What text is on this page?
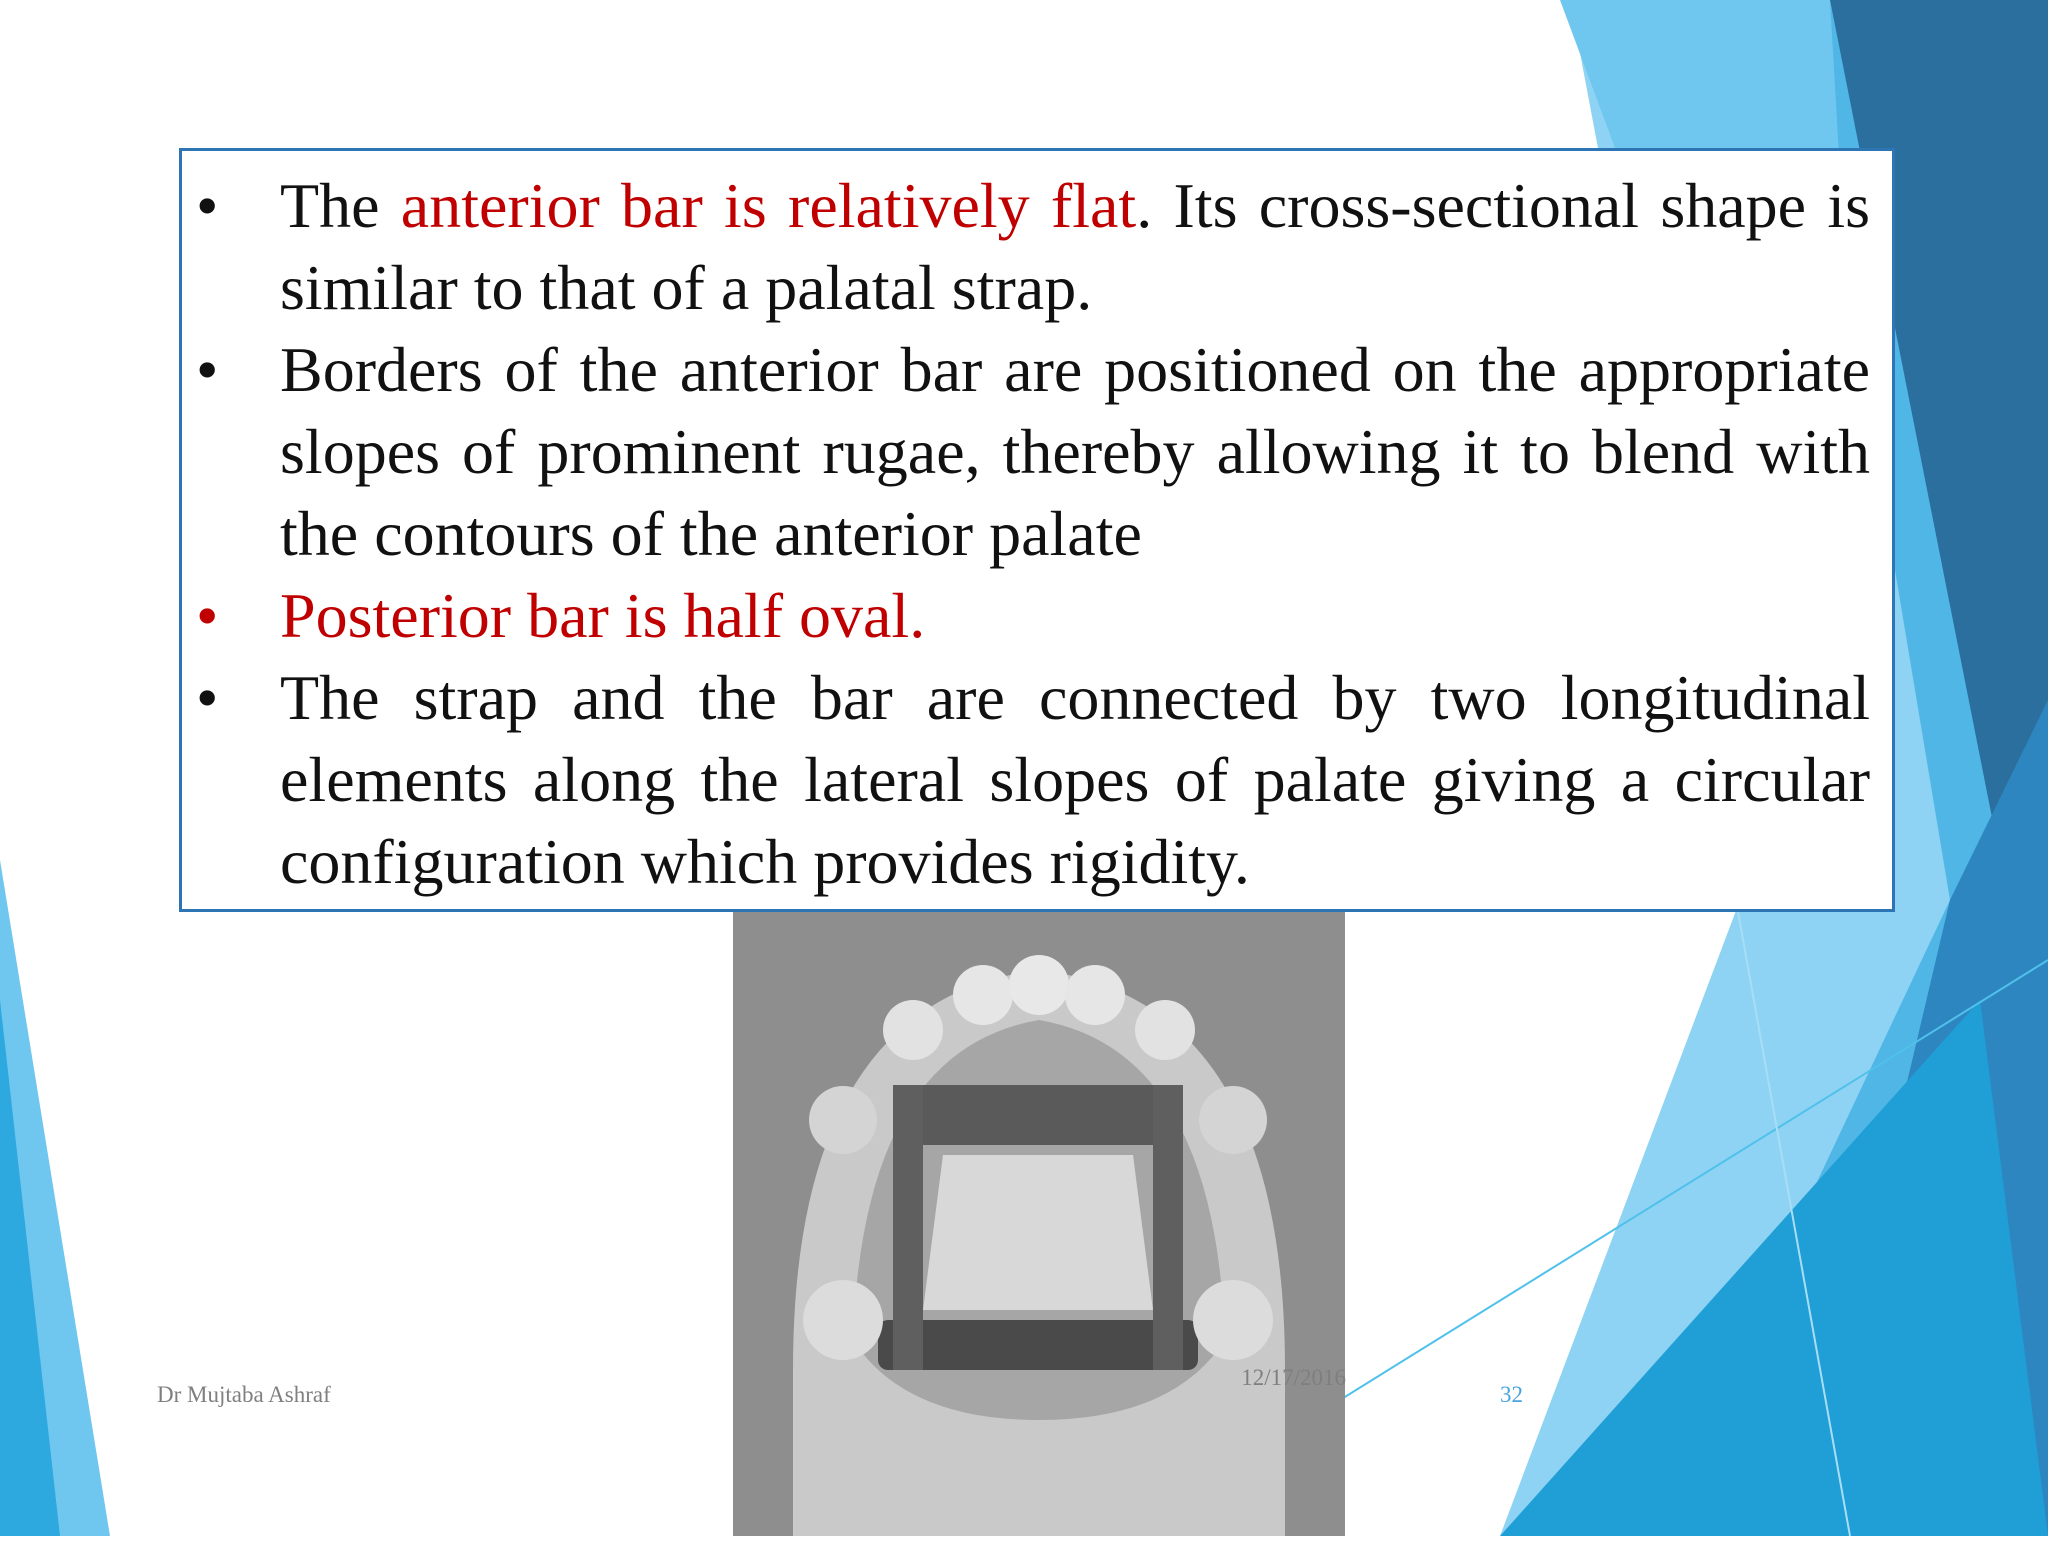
• The anterior bar is relatively flat. Its cross-sectional shape is similar to that of a palatal strap.
• Borders of the anterior bar are positioned on the appropriate slopes of prominent rugae, thereby allowing it to blend with the contours of the anterior palate
• Posterior bar is half oval.
• The strap and the bar are connected by two longitudinal elements along the lateral slopes of palate giving a circular configuration which provides rigidity.
Dr Mujtaba Ashraf
12/17/2016
32
